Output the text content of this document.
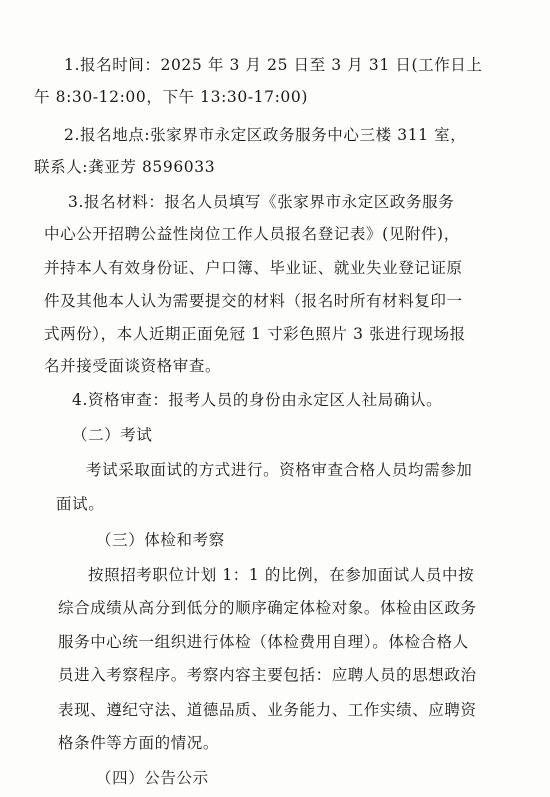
1.报名时间：2025 年 3 月 25 日至 3 月 31 日(工作日上
午 8:30-12:00，下午 13:30-17:00)
2.报名地点:张家界市永定区政务服务中心三楼 311 室，
联系人:龚亚芳 8596033
3.报名材料：报名人员填写《张家界市永定区政务服务
中心公开招聘公益性岗位工作人员报名登记表》(见附件)，
并持本人有效身份证、户口簿、毕业证、就业失业登记证原
件及其他本人认为需要提交的材料（报名时所有材料复印一
式两份），本人近期正面免冠 1 寸彩色照片 3 张进行现场报
名并接受面谈资格审查。
4.资格审查：报考人员的身份由永定区人社局确认。
（二）考试
考试采取面试的方式进行。资格审查合格人员均需参加
面试。
（三）体检和考察
按照招考职位计划 1：1 的比例，在参加面试人员中按
综合成绩从高分到低分的顺序确定体检对象。体检由区政务
服务中心统一组织进行体检（体检费用自理）。体检合格人
员进入考察程序。考察内容主要包括：应聘人员的思想政治
表现、遵纪守法、道德品质、业务能力、工作实绩、应聘资
格条件等方面的情况。
（四）公告公示
